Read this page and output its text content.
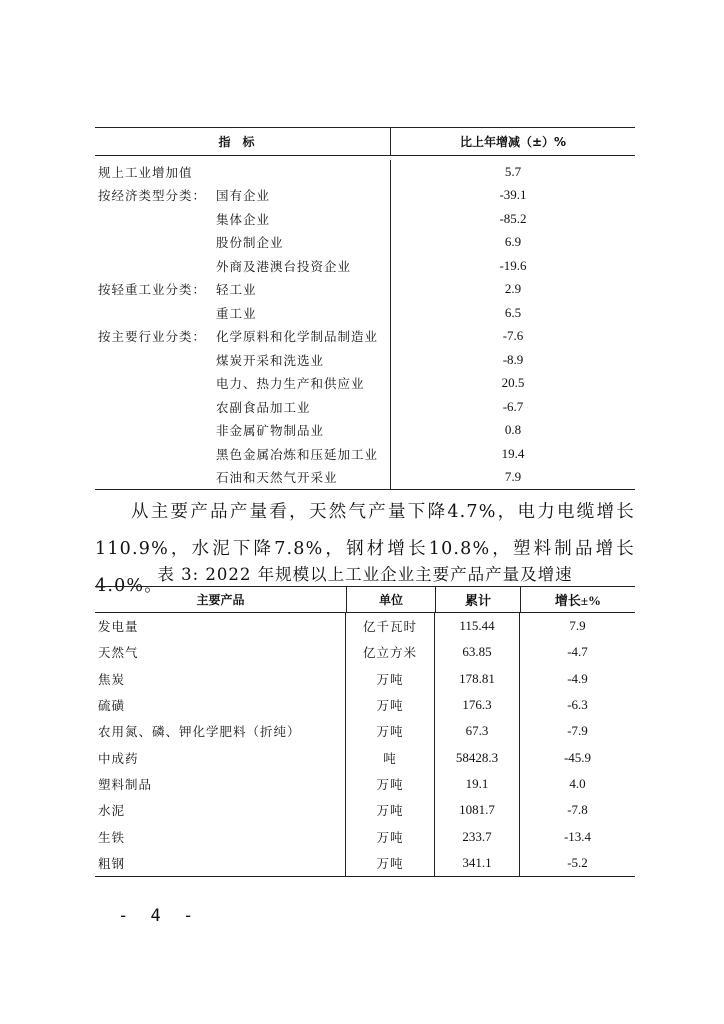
指标	比上年增减（±）%
规上工业增加值	5.7
按经济类型分类： 国有企业	-39.1
集体企业	-85.2
股份制企业	6.9
外商及港澳台投资企业	-19.6
按轻重工业分类： 轻工业	2.9
重工业	6.5
按主要行业分类： 化学原料和化学制品制造业	-7.6
煤炭开采和洗选业	-8.9
电力、热力生产和供应业	20.5
农副食品加工业	-6.7
非金属矿物制品业	0.8
黑色金属冶炼和压延加工业	19.4
石油和天然气开采业	7.9
从主要产品产量看，天然气产量下降4.7%，电力电缆增长110.9%，水泥下降7.8%，钢材增长10.8%，塑料制品增长4.0%。
表 3: 2022 年规模以上工业企业主要产品产量及增速
主要产品	单位	累计	增长±%
发电量	亿千瓦时	115.44	7.9
天然气	亿立方米	63.85	-4.7
焦炭	万吨	178.81	-4.9
硫磺	万吨	176.3	-6.3
农用氮、磷、钾化学肥料（折纯）	万吨	67.3	-7.9
中成药	吨	58428.3	-45.9
塑料制品	万吨	19.1	4.0
水泥	万吨	1081.7	-7.8
生铁	万吨	233.7	-13.4
粗钢	万吨	341.1	-5.2
- 4 -
